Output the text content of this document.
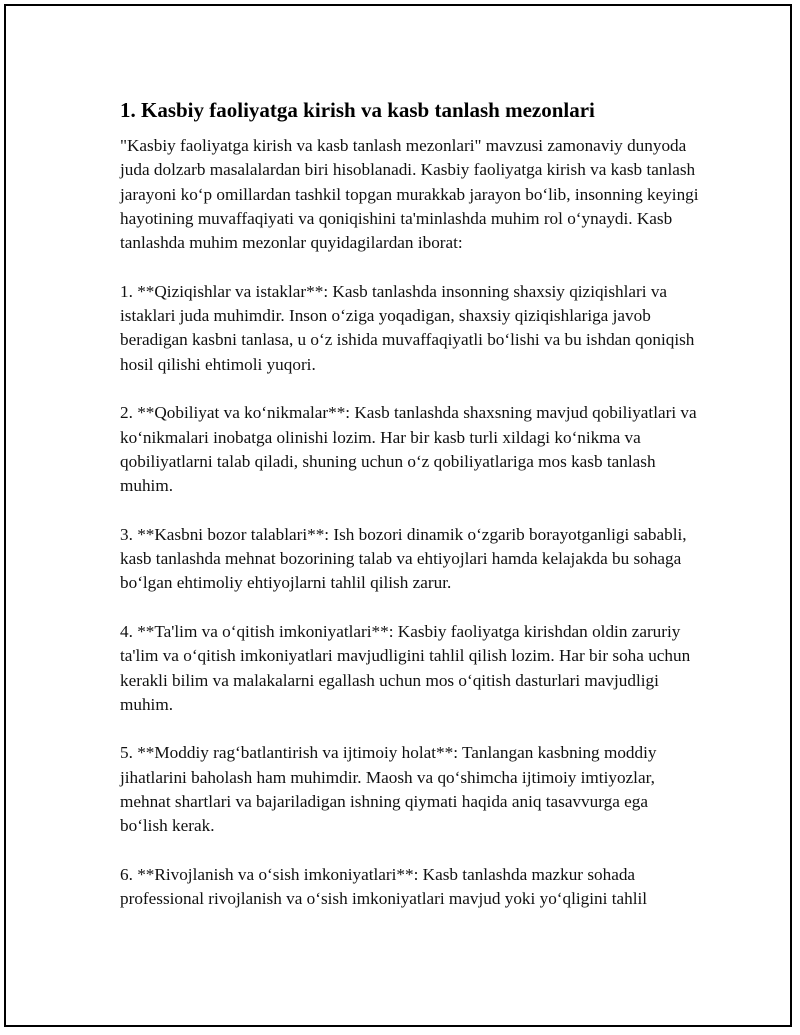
1. Kasbiy faoliyatga kirish va kasb tanlash mezonlari

"Kasbiy faoliyatga kirish va kasb tanlash mezonlari" mavzusi zamonaviy dunyoda juda dolzarb masalalardan biri hisoblanadi. Kasbiy faoliyatga kirish va kasb tanlash jarayoni ko‘p omillardan tashkil topgan murakkab jarayon bo‘lib, insonning keyingi hayotining muvaffaqiyati va qoniqishini ta'minlashda muhim rol o‘ynaydi. Kasb tanlashda muhim mezonlar quyidagilardan iborat:

1. **Qiziqishlar va istaklar**: Kasb tanlashda insonning shaxsiy qiziqishlari va istaklari juda muhimdir. Inson o‘ziga yoqadigan, shaxsiy qiziqishlariga javob beradigan kasbni tanlasa, u o‘z ishida muvaffaqiyatli bo‘lishi va bu ishdan qoniqish hosil qilishi ehtimoli yuqori.

2. **Qobiliyat va ko‘nikmalar**: Kasb tanlashda shaxsning mavjud qobiliyatlari va ko‘nikmalari inobatga olinishi lozim. Har bir kasb turli xildagi ko‘nikma va qobiliyatlarni talab qiladi, shuning uchun o‘z qobiliyatlariga mos kasb tanlash muhim.

3. **Kasbni bozor talablari**: Ish bozori dinamik o‘zgarib borayotganligi sababli, kasb tanlashda mehnat bozorining talab va ehtiyojlari hamda kelajakda bu sohaga bo‘lgan ehtimoliy ehtiyojlarni tahlil qilish zarur.

4. **Ta'lim va o‘qitish imkoniyatlari**: Kasbiy faoliyatga kirishdan oldin zaruriy ta'lim va o‘qitish imkoniyatlari mavjudligini tahlil qilish lozim. Har bir soha uchun kerakli bilim va malakalarni egallash uchun mos o‘qitish dasturlari mavjudligi muhim.

5. **Moddiy rag‘batlantirish va ijtimoiy holat**: Tanlangan kasbning moddiy jihatlarini baholash ham muhimdir. Maosh va qo‘shimcha ijtimoiy imtiyozlar, mehnat shartlari va bajariladigan ishning qiymati haqida aniq tasavvurga ega bo‘lish kerak.

6. **Rivojlanish va o‘sish imkoniyatlari**: Kasb tanlashda mazkur sohada professional rivojlanish va o‘sish imkoniyatlari mavjud yoki yo‘qligini tahlil
